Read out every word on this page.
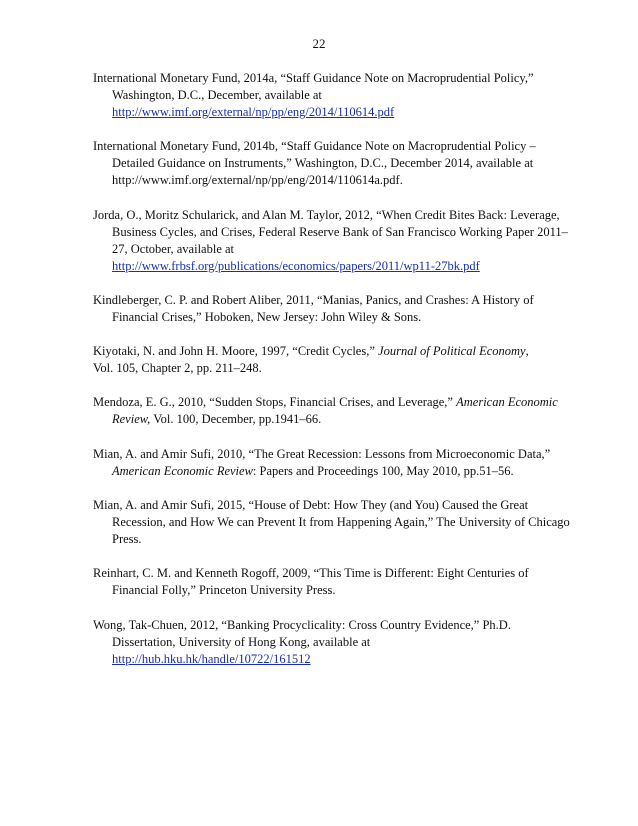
22

International Monetary Fund, 2014a, “Staff Guidance Note on Macroprudential Policy,” Washington, D.C., December, available at
http://www.imf.org/external/np/pp/eng/2014/110614.pdf

International Monetary Fund, 2014b, “Staff Guidance Note on Macroprudential Policy – Detailed Guidance on Instruments,” Washington, D.C., December 2014, available at
http://www.imf.org/external/np/pp/eng/2014/110614a.pdf.

Jorda, O., Moritz Schularick, and Alan M. Taylor, 2012, “When Credit Bites Back: Leverage, Business Cycles, and Crises, Federal Reserve Bank of San Francisco Working Paper 2011–27, October, available at
http://www.frbsf.org/publications/economics/papers/2011/wp11-27bk.pdf

Kindleberger, C. P. and Robert Aliber, 2011, “Manias, Panics, and Crashes: A History of Financial Crises,” Hoboken, New Jersey: John Wiley & Sons.

Kiyotaki, N. and John H. Moore, 1997, “Credit Cycles,” Journal of Political Economy,
Vol. 105, Chapter 2, pp. 211–248.

Mendoza, E. G., 2010, “Sudden Stops, Financial Crises, and Leverage,” American Economic Review, Vol. 100, December, pp.1941–66.

Mian, A. and Amir Sufi, 2010, “The Great Recession: Lessons from Microeconomic Data,”
American Economic Review: Papers and Proceedings 100, May 2010, pp.51–56.

Mian, A. and Amir Sufi, 2015, “House of Debt: How They (and You) Caused the Great Recession, and How We can Prevent It from Happening Again,” The University of Chicago Press.

Reinhart, C. M. and Kenneth Rogoff, 2009, “This Time is Different: Eight Centuries of Financial Folly,” Princeton University Press.

Wong, Tak-Chuen, 2012, “Banking Procyclicality: Cross Country Evidence,” Ph.D. Dissertation, University of Hong Kong, available at
http://hub.hku.hk/handle/10722/161512
